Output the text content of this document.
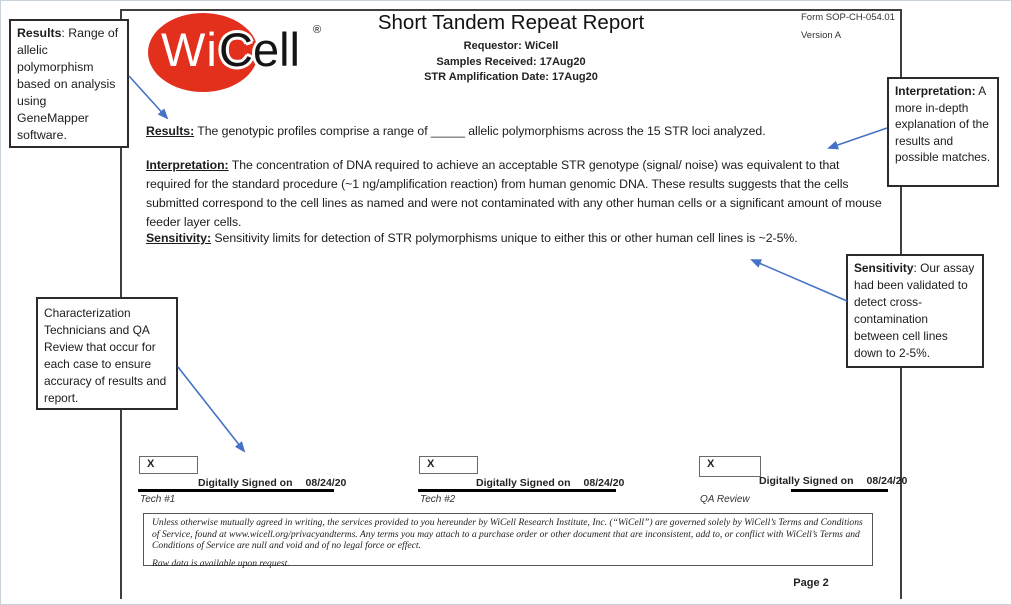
Wi Cell ®	Short Tandem Repeat Report
Requestor: WiCell
Samples Received: 17Aug20
STR Amplification Date: 17Aug20
Form SOP-CH-054.01
Version A
Results: The genotypic profiles comprise a range of _____ allelic polymorphisms across the 15 STR loci analyzed.
Interpretation: The concentration of DNA required to achieve an acceptable STR genotype (signal/ noise) was equivalent to that required for the standard procedure (~1 ng/amplification reaction) from human genomic DNA. These results suggests that the cells submitted correspond to the cell lines as named and were not contaminated with any other human cells or a significant amount of mouse feeder layer cells.
Sensitivity: Sensitivity limits for detection of STR polymorphisms unique to either this or other human cell lines is ~2-5%.
Results: Range of allelic polymorphism based on analysis using GeneMapper software.
Interpretation: A more in-depth explanation of the results and possible matches.
Sensitivity: Our assay had been validated to detect cross-contamination between cell lines down to 2-5%.
Characterization Technicians and QA Review that occur for each case to ensure accuracy of results and report.
X
Digitally Signed on 08/24/20
Tech #1
X
Digitally Signed on 08/24/20
Tech #2
X
Digitally Signed on 08/24/20
QA Review
Unless otherwise mutually agreed in writing, the services provided to you hereunder by WiCell Research Institute, Inc. (“WiCell”) are governed solely by WiCell’s Terms and Conditions of Service, found at www.wicell.org/privacyandterms. Any terms you may attach to a purchase order or other document that are inconsistent, add to, or conflict with WiCell’s Terms and Conditions of Service are null and void and of no legal force or effect.
Raw data is available upon request.
Page 2
